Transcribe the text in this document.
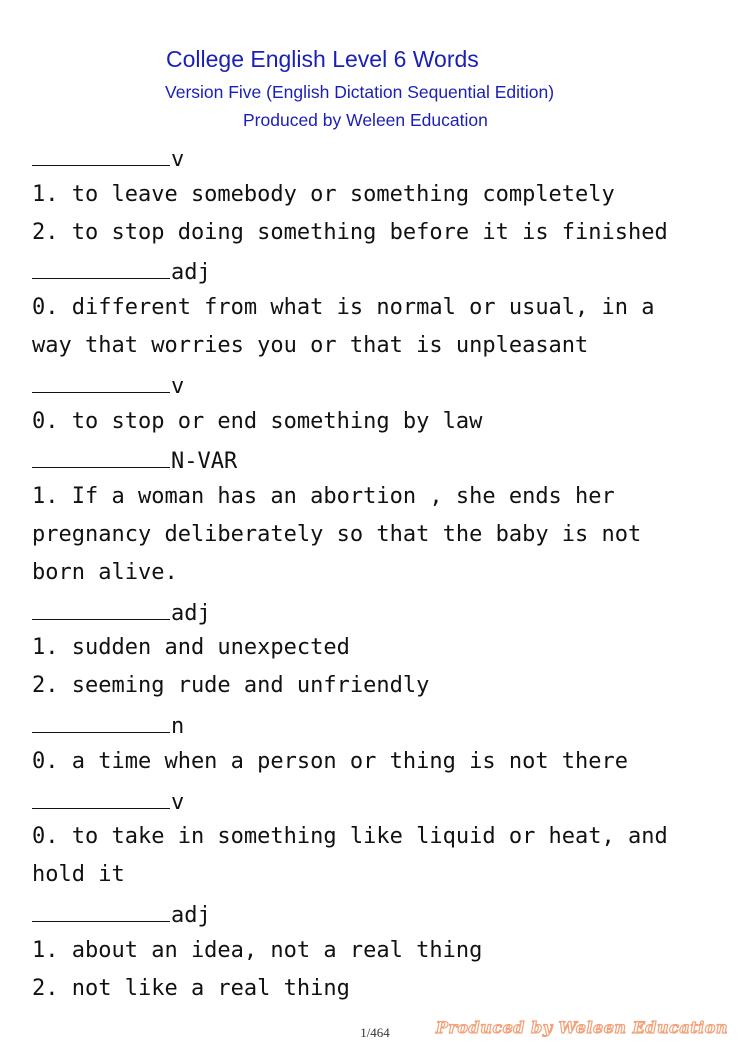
College English Level 6 Words
Version Five (English Dictation Sequential Edition)
Produced by Weleen Education
v
1. to leave somebody or something completely
2. to stop doing something before it is finished
adj
0. different from what is normal or usual, in a
way that worries you or that is unpleasant
v
0. to stop or end something by law
N-VAR
1. If a woman has an abortion , she ends her
pregnancy deliberately so that the baby is not
born alive.
adj
1. sudden and unexpected
2. seeming rude and unfriendly
n
0. a time when a person or thing is not there
v
0. to take in something like liquid or heat, and
hold it
adj
1. about an idea, not a real thing
2. not like a real thing
1/464	Produced by Weleen Education
